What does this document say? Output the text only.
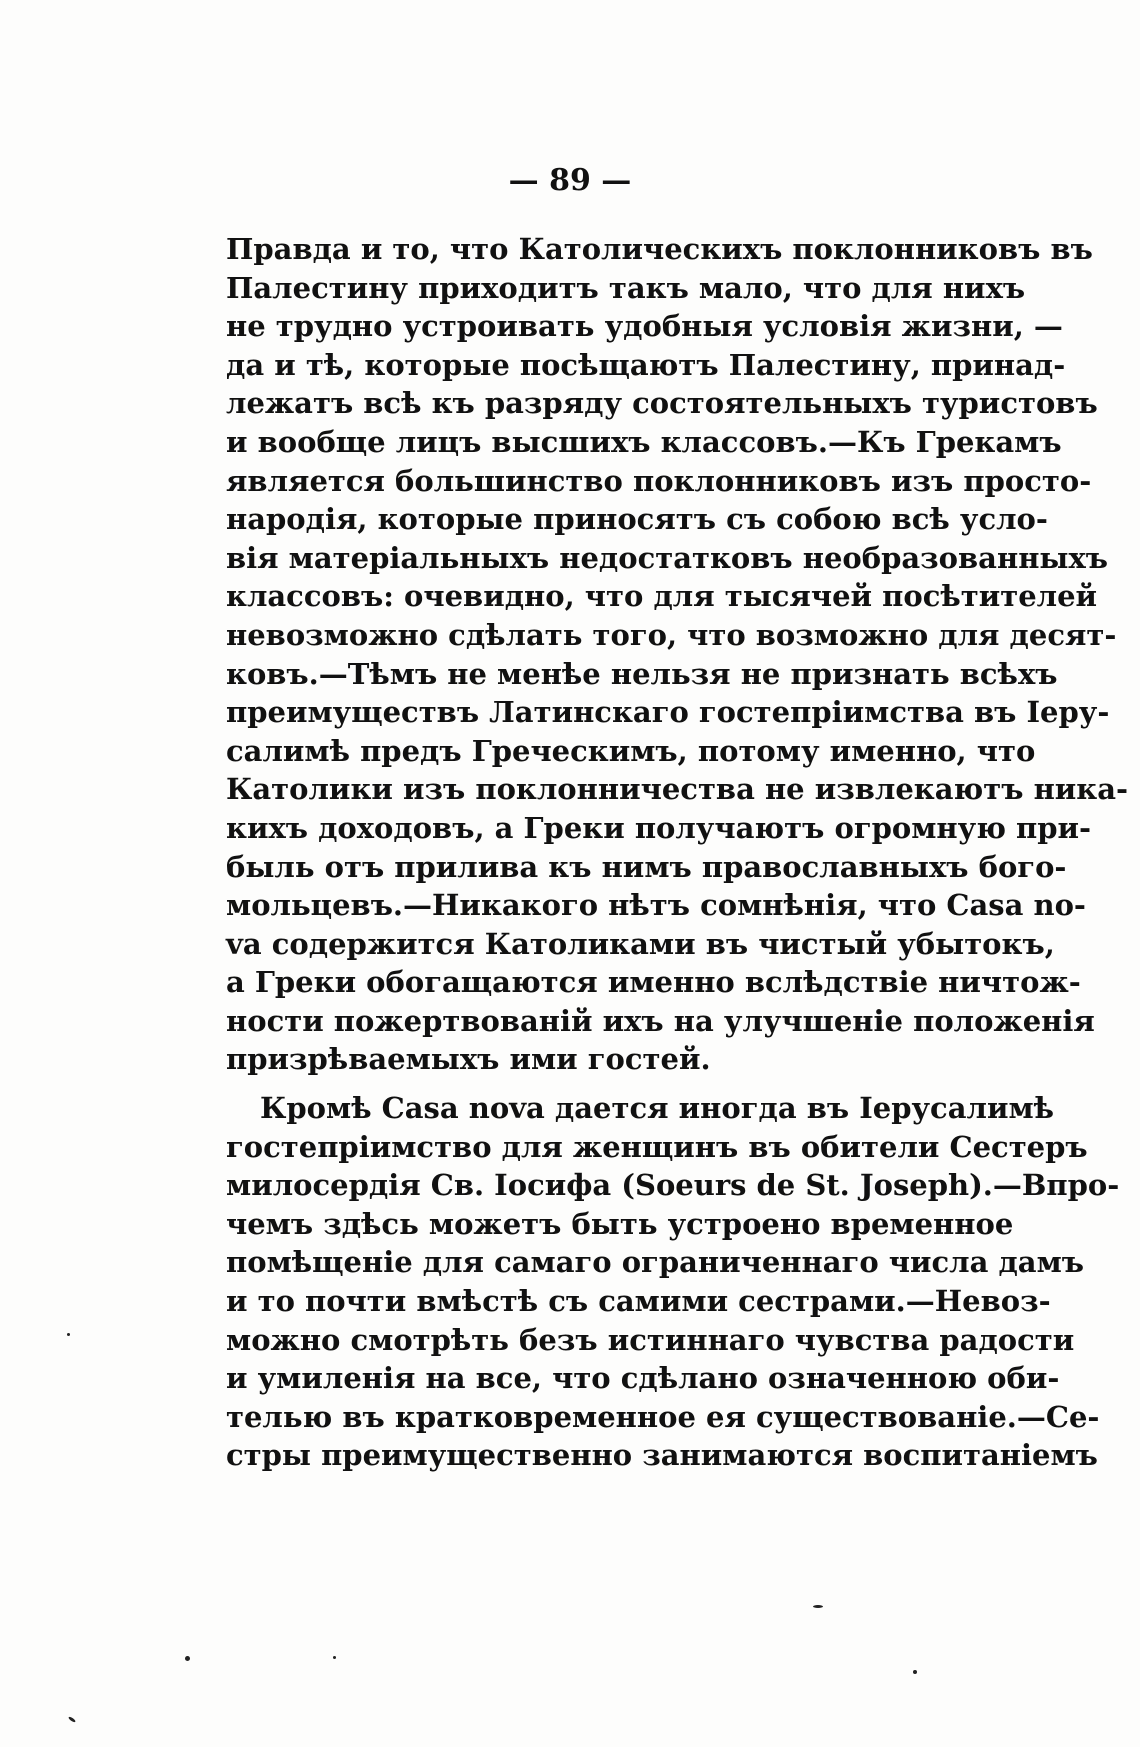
— 89 —
Правда и то, что Католическихъ поклонниковъ въ
Палестину приходитъ такъ мало, что для нихъ
не трудно устроивать удобныя условія жизни, —
да и тѣ, которые посѣщаютъ Палестину, принад-
лежатъ всѣ къ разряду состоятельныхъ туристовъ
и вообще лицъ высшихъ классовъ.—Къ Грекамъ
является большинство поклонниковъ изъ просто-
народія, которые приносятъ съ собою всѣ усло-
вія матеріальныхъ недостатковъ необразованныхъ
классовъ: очевидно, что для тысячей посѣтителей
невозможно сдѣлать того, что возможно для десят-
ковъ.—Тѣмъ не менѣе нельзя не признать всѣхъ
преимуществъ Латинскаго гостепріимства въ Іеру-
салимѣ предъ Греческимъ, потому именно, что
Католики изъ поклонничества не извлекаютъ ника-
кихъ доходовъ, а Греки получаютъ огромную при-
быль отъ прилива къ нимъ православныхъ бого-
мольцевъ.—Никакого нѣтъ сомнѣнія, что Casa no-
va содержится Католиками въ чистый убытокъ,
а Греки обогащаются именно вслѣдствіе ничтож-
ности пожертвованій ихъ на улучшеніе положенія
призрѣваемыхъ ими гостей.
Кромѣ Casa nova дается иногда въ Іерусалимѣ
гостепріимство для женщинъ въ обители Сестеръ
милосердія Св. Іосифа (Soeurs de St. Joseph).—Впро-
чемъ здѣсь можетъ быть устроено временное
помѣщеніе для самаго ограниченнаго числа дамъ
и то почти вмѣстѣ съ самими сестрами.—Невоз-
можно смотрѣть безъ истиннаго чувства радости
и умиленія на все, что сдѣлано означенною оби-
телью въ кратковременное ея существованіе.—Се-
стры преимущественно занимаются воспитаніемъ
